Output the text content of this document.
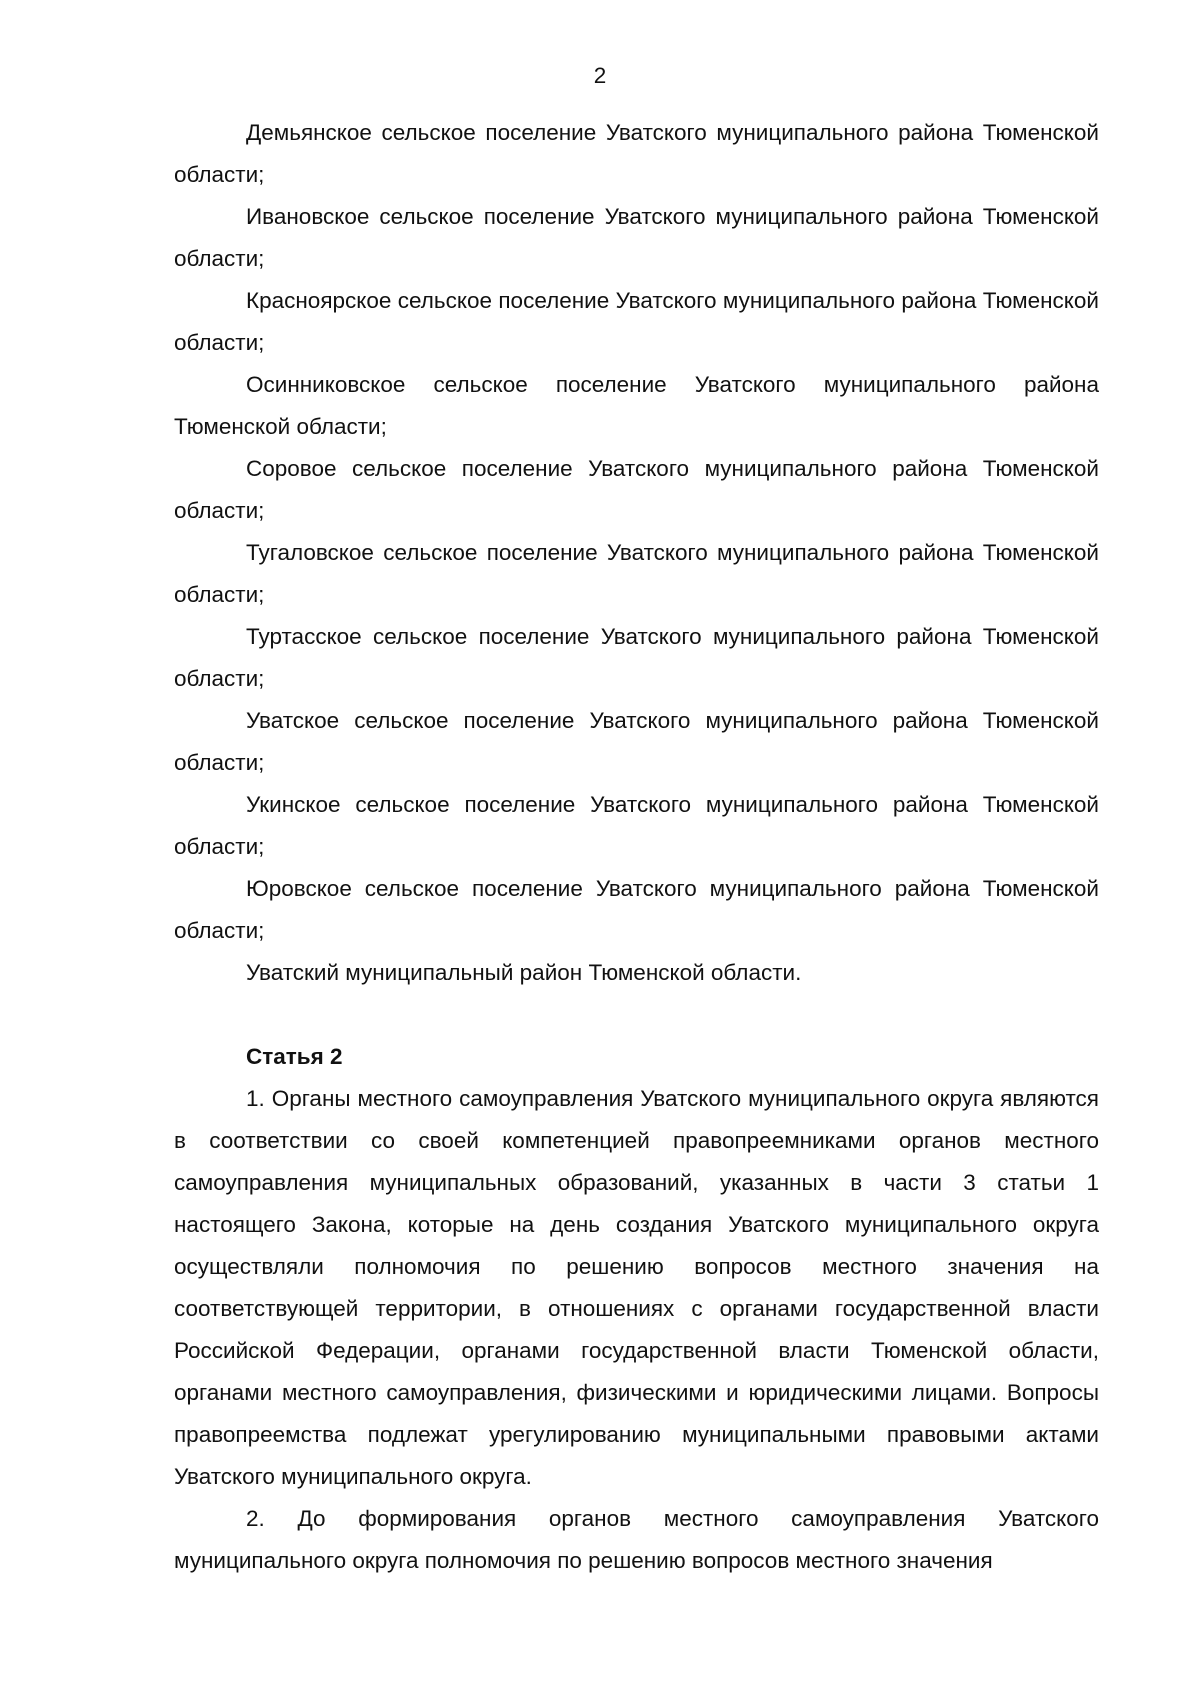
2

Демьянское сельское поселение Уватского муниципального района Тюменской области;

Ивановское сельское поселение Уватского муниципального района Тюменской области;

Красноярское сельское поселение Уватского муниципального района Тюменской области;

Осинниковское сельское поселение Уватского муниципального района Тюменской области;

Соровое сельское поселение Уватского муниципального района Тюменской области;

Тугаловское сельское поселение Уватского муниципального района Тюменской области;

Туртасское сельское поселение Уватского муниципального района Тюменской области;

Уватское сельское поселение Уватского муниципального района Тюменской области;

Укинское сельское поселение Уватского муниципального района Тюменской области;

Юровское сельское поселение Уватского муниципального района Тюменской области;

Уватский муниципальный район Тюменской области.

Статья 2

1. Органы местного самоуправления Уватского муниципального округа являются в соответствии со своей компетенцией правопреемниками органов местного самоуправления муниципальных образований, указанных в части 3 статьи 1 настоящего Закона, которые на день создания Уватского муниципального округа осуществляли полномочия по решению вопросов местного значения на соответствующей территории, в отношениях с органами государственной власти Российской Федерации, органами государственной власти Тюменской области, органами местного самоуправления, физическими и юридическими лицами. Вопросы правопреемства подлежат урегулированию муниципальными правовыми актами Уватского муниципального округа.

2. До формирования органов местного самоуправления Уватского муниципального округа полномочия по решению вопросов местного значения
